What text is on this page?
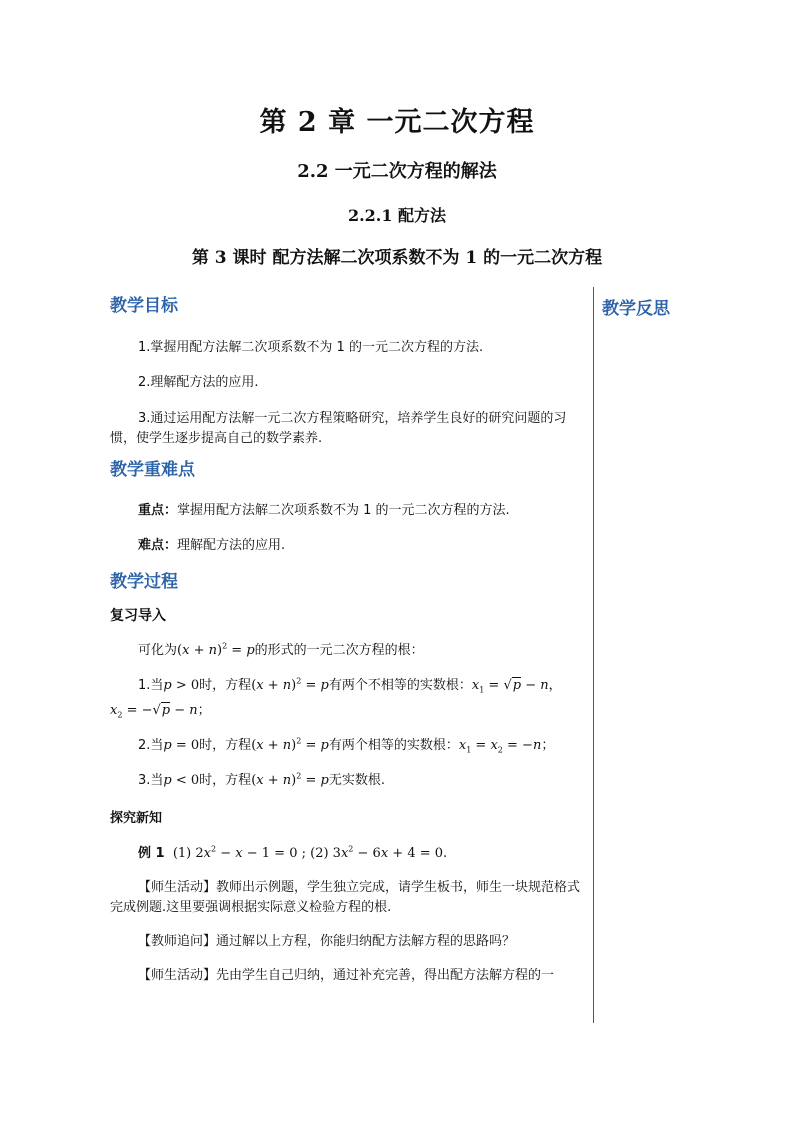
第 2 章 一元二次方程
2.2 一元二次方程的解法
2.2.1 配方法
第 3 课时 配方法解二次项系数不为 1 的一元二次方程
教学反思
教学目标
1.掌握用配方法解二次项系数不为 1 的一元二次方程的方法.
2.理解配方法的应用.
3.通过运用配方法解一元二次方程策略研究，培养学生良好的研究问题的习惯，使学生逐步提高自己的数学素养.
教学重难点
重点：掌握用配方法解二次项系数不为 1 的一元二次方程的方法.
难点：理解配方法的应用.
教学过程
复习导入
可化为$(x + n)^2 = p$的形式的一元二次方程的根：
1.当p > 0时，方程$(x + n)^2 = p$有两个不相等的实数根：$x_1 = √p - n$，
$x_2 = -√p - n$；
2.当p = 0时，方程$(x + n)^2 = p$有两个相等的实数根：$x_1 = x_2 = -n$；
3.当p < 0时，方程$(x + n)^2 = p$无实数根.
探究新知
例 1 (1) $2x^2 - x - 1 = 0$ ; (2) $3x^2 - 6x + 4 = 0$.
【师生活动】教师出示例题，学生独立完成，请学生板书，师生一块规范格式完成例题.这里要强调根据实际意义检验方程的根.
【教师追问】通过解以上方程，你能归纳配方法解方程的思路吗？
【师生活动】先由学生自己归纳，通过补充完善，得出配方法解方程的一
